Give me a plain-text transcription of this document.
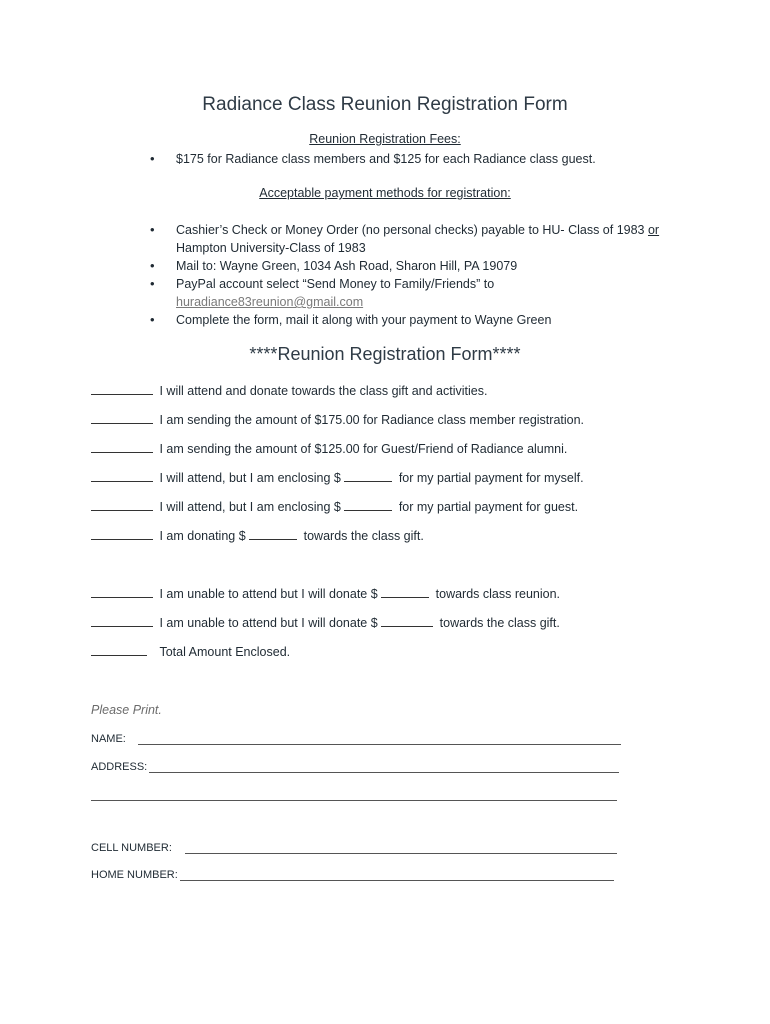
Radiance Class Reunion Registration Form
Reunion Registration Fees:
• $175 for Radiance class members and $125 for each Radiance class guest.
Acceptable payment methods for registration:
• Cashier’s Check or Money Order (no personal checks) payable to HU- Class of 1983 or
Hampton University-Class of 1983
• Mail to: Wayne Green, 1034 Ash Road, Sharon Hill, PA 19079
• PayPal account select “Send Money to Family/Friends” to
huradiance83reunion@gmail.com
• Complete the form, mail it along with your payment to Wayne Green
****Reunion Registration Form****
I will attend and donate towards the class gift and activities.
I am sending the amount of $175.00 for Radiance class member registration.
I am sending the amount of $125.00 for Guest/Friend of Radiance alumni.
I will attend, but I am enclosing $	for my partial payment for myself.
I will attend, but I am enclosing $	for my partial payment for guest.
I am donating $	towards the class gift.
I am unable to attend but I will donate $	towards class reunion.
I am unable to attend but I will donate $	towards the class gift.
Total Amount Enclosed.
Please Print.
NAME:
ADDRESS:
CELL NUMBER:
HOME NUMBER:
